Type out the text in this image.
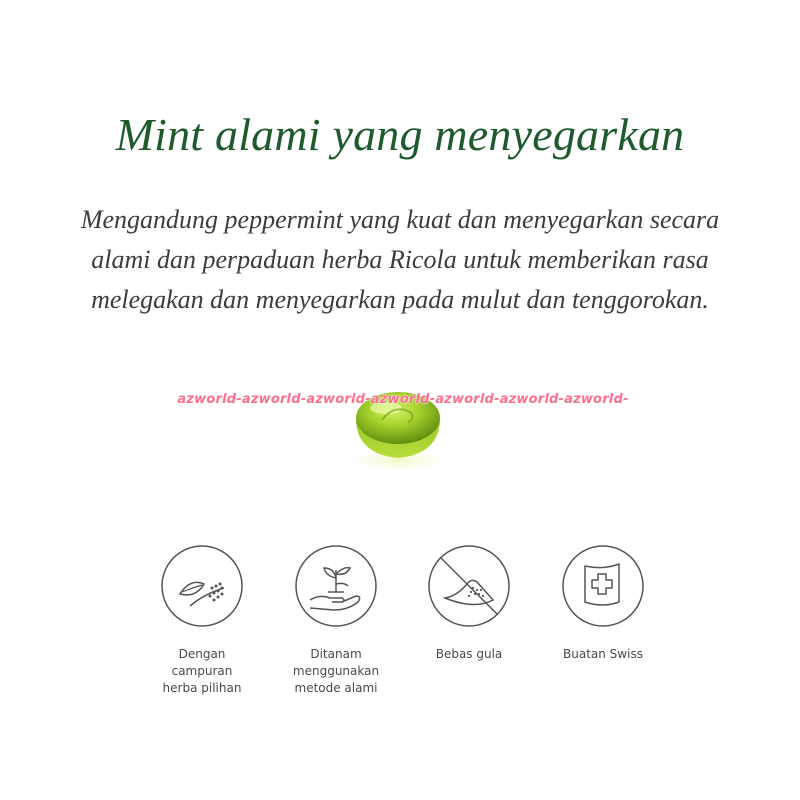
Mint alami yang menyegarkan
Mengandung peppermint yang kuat dan menyegarkan secara
alami dan perpaduan herba Ricola untuk memberikan rasa
melegakan dan menyegarkan pada mulut dan tenggorokan.
azworld-azworld-azworld-azworld-azworld-azworld-azworld-
Dengan
campuran
herba pilihan
Ditanam
menggunakan
metode alami
Bebas gula	Buatan Swiss
